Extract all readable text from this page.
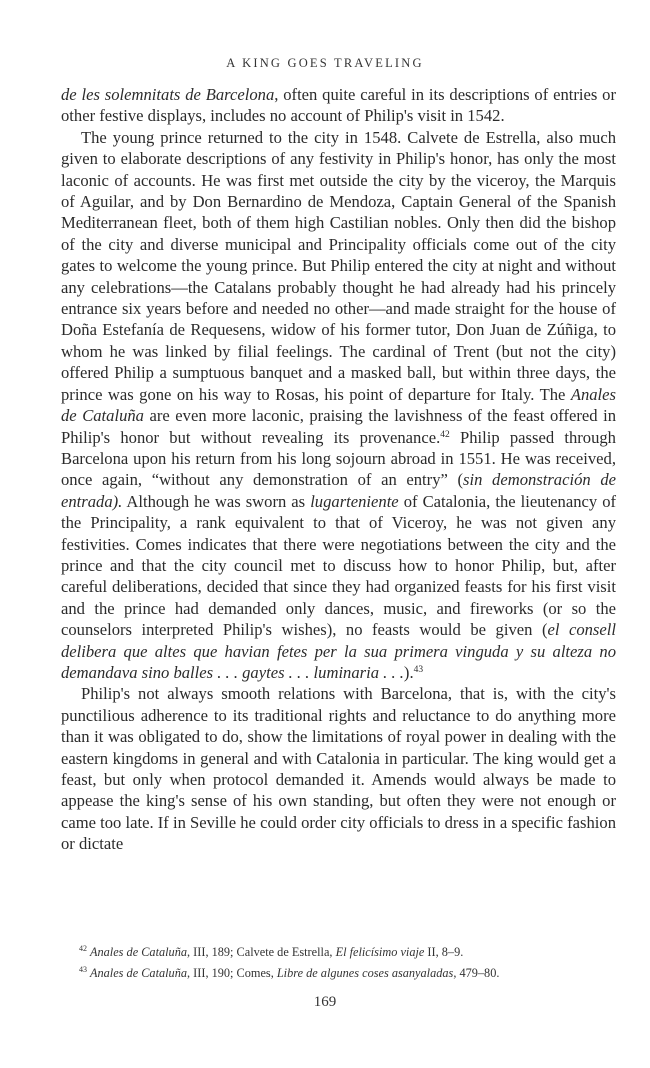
A KING GOES TRAVELING

de les solemnitats de Barcelona, often quite careful in its descriptions of entries or other festive displays, includes no account of Philip's visit in 1542.

The young prince returned to the city in 1548. Calvete de Estrella, also much given to elaborate descriptions of any festivity in Philip's honor, has only the most laconic of accounts. He was first met outside the city by the viceroy, the Marquis of Aguilar, and by Don Bernardino de Mendoza, Captain General of the Spanish Mediterranean fleet, both of them high Castilian nobles. Only then did the bishop of the city and diverse municipal and Principality officials come out of the city gates to welcome the young prince. But Philip entered the city at night and without any celebrations—the Catalans probably thought he had already had his princely entrance six years before and needed no other—and made straight for the house of Doña Estefanía de Requesens, widow of his former tutor, Don Juan de Zúñiga, to whom he was linked by filial feelings. The cardinal of Trent (but not the city) offered Philip a sumptuous banquet and a masked ball, but within three days, the prince was gone on his way to Rosas, his point of departure for Italy. The Anales de Cataluña are even more laconic, praising the lavishness of the feast offered in Philip's honor but without revealing its provenance.$^{42}$ Philip passed through Barcelona upon his return from his long sojourn abroad in 1551. He was received, once again, “without any demonstration of an entry” (sin demonstración de entrada). Although he was sworn as lugarteniente of Catalonia, the lieutenancy of the Principality, a rank equivalent to that of Viceroy, he was not given any festivities. Comes indicates that there were negotiations between the city and the prince and that the city council met to discuss how to honor Philip, but, after careful deliberations, decided that since they had organized feasts for his first visit and the prince had demanded only dances, music, and fireworks (or so the counselors interpreted Philip's wishes), no feasts would be given (el consell delibera que altes que havian fetes per la sua primera vinguda y su alteza no demandava sino balles . . . gaytes . . . luminaria . . .).$^{43}$

Philip's not always smooth relations with Barcelona, that is, with the city's punctilious adherence to its traditional rights and reluctance to do anything more than it was obligated to do, show the limitations of royal power in dealing with the eastern kingdoms in general and with Catalonia in particular. The king would get a feast, but only when protocol demanded it. Amends would always be made to appease the king's sense of his own standing, but often they were not enough or came too late. If in Seville he could order city officials to dress in a specific fashion or dictate

$^{42}$ Anales de Cataluña, III, 189; Calvete de Estrella, El felicísimo viaje II, 8–9.
$^{43}$ Anales de Cataluña, III, 190; Comes, Libre de algunes coses asanyaladas, 479–80.
169
